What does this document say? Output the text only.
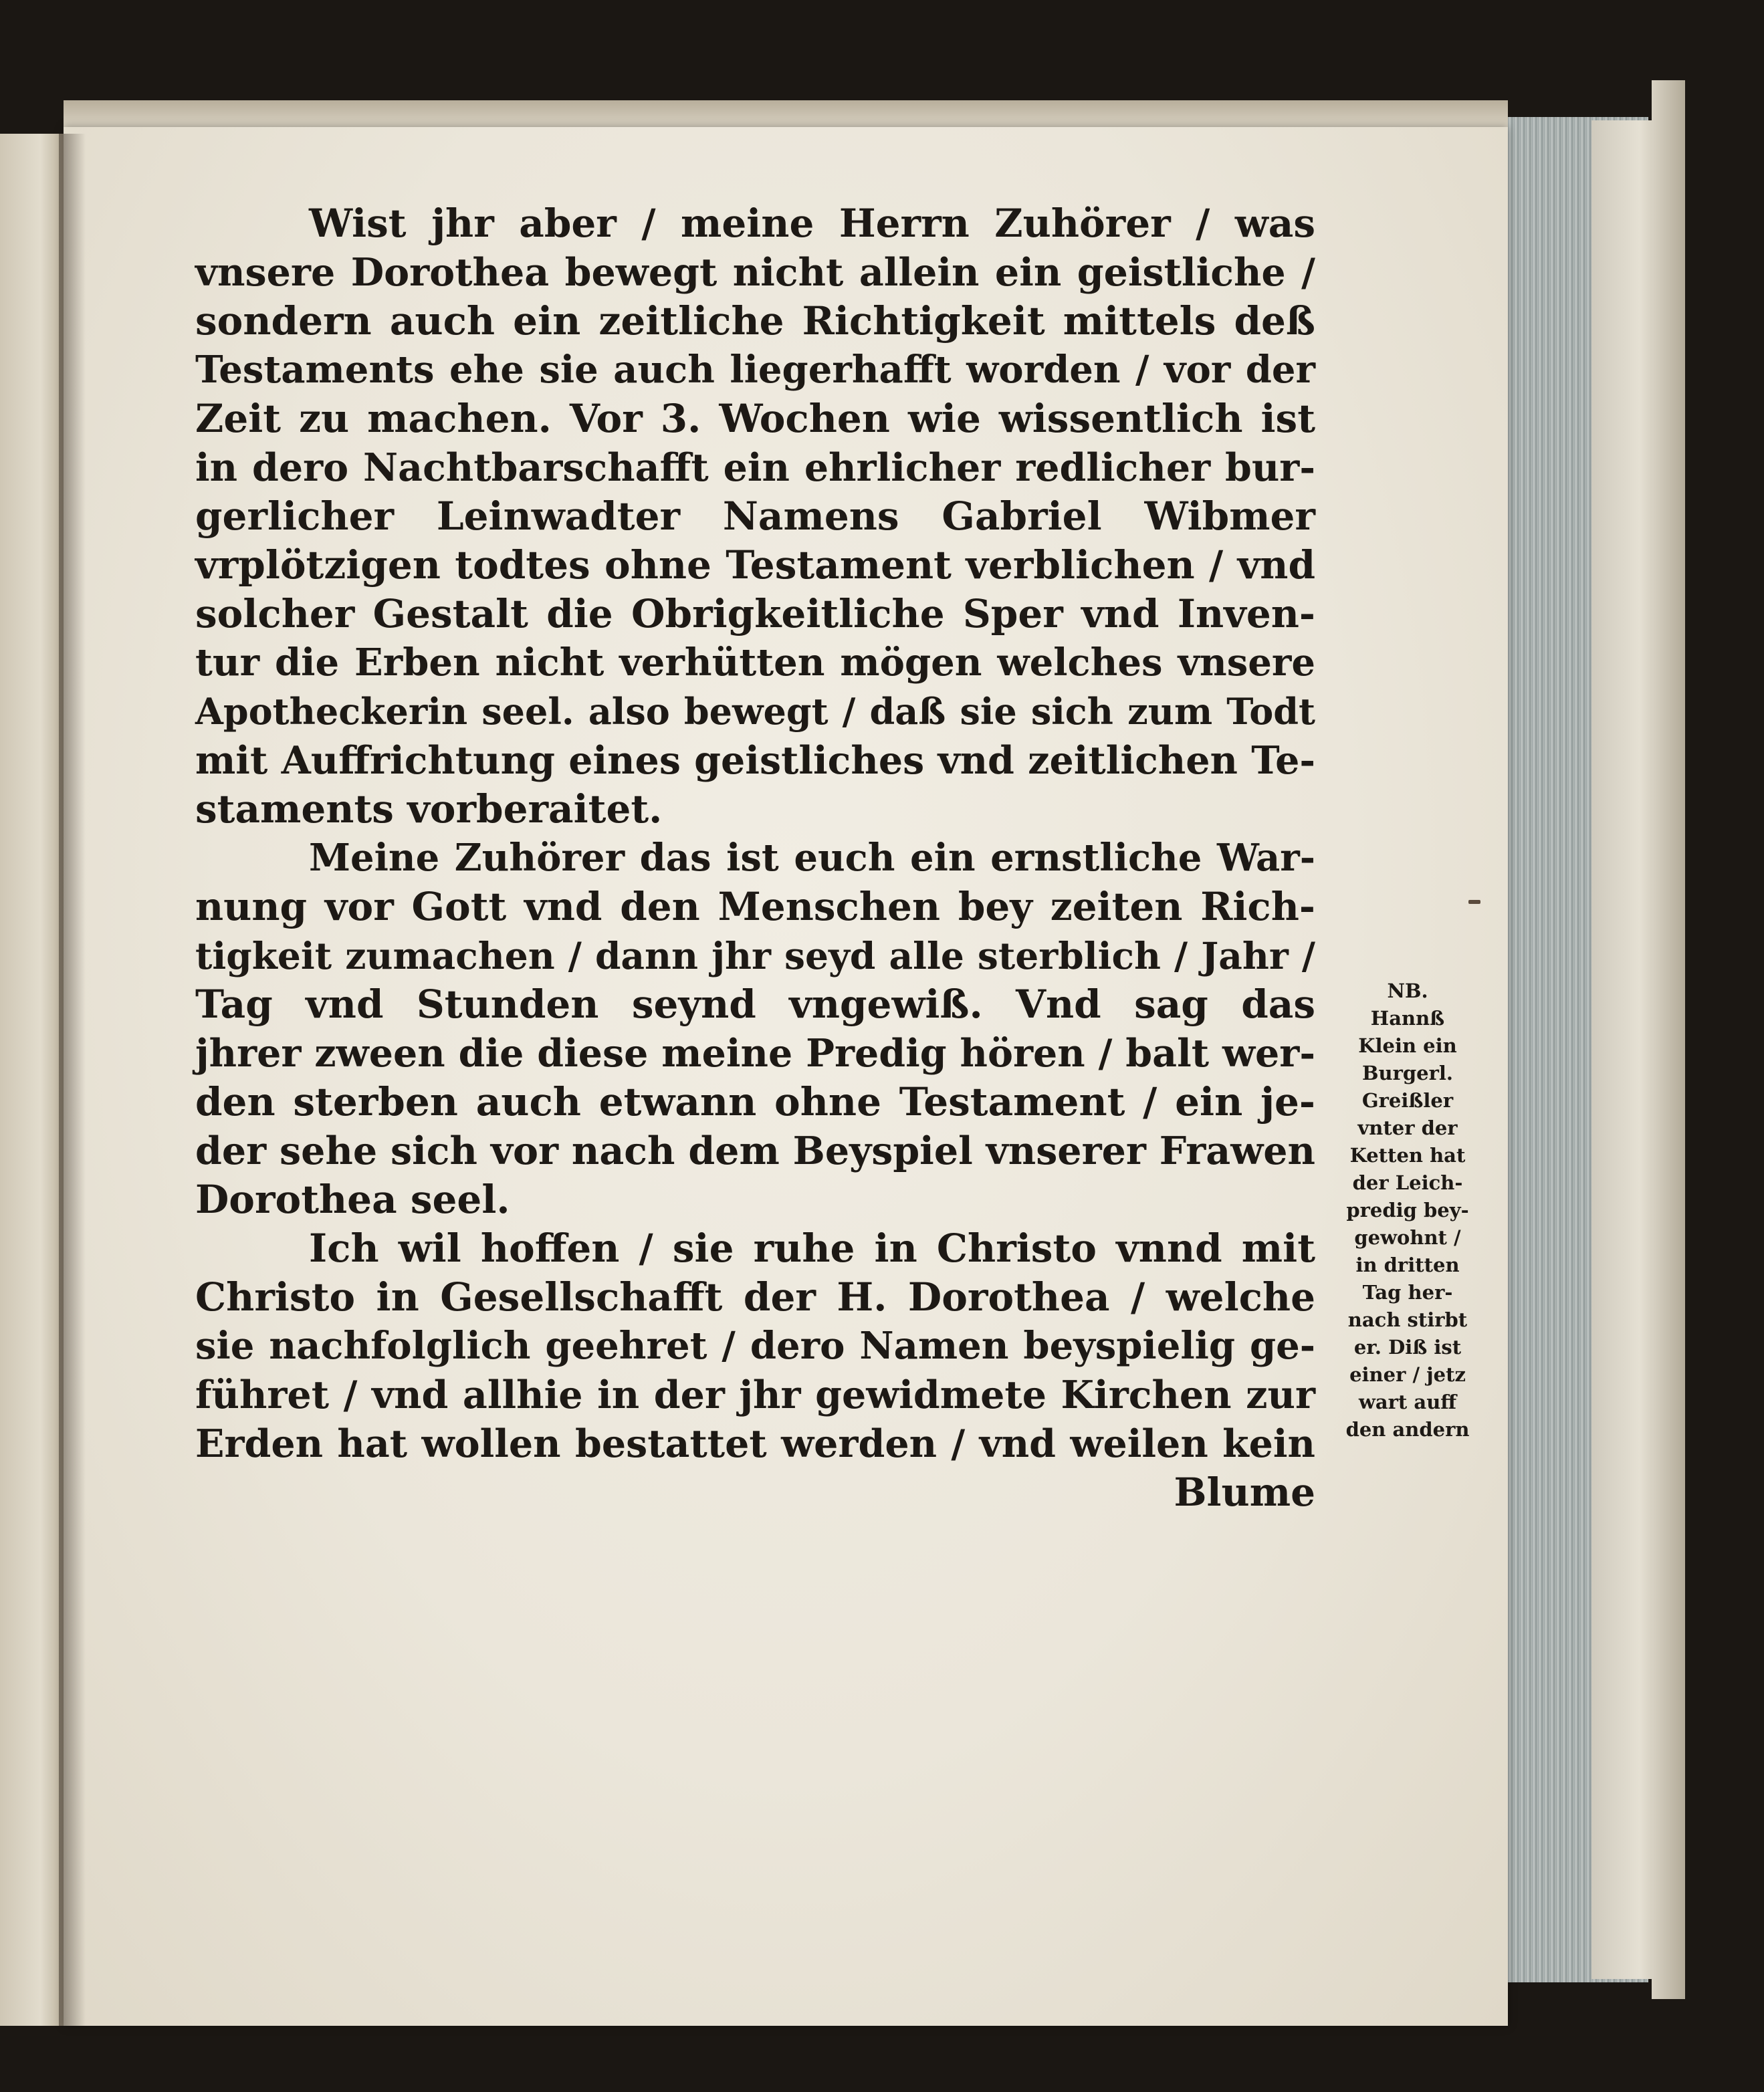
Wist jhr aber / meine Herrn Zuhörer / was
vnsere Dorothea bewegt nicht allein ein geistliche /
sondern auch ein zeitliche Richtigkeit mittels deß
Testaments ehe sie auch liegerhafft worden / vor der
Zeit zu machen. Vor 3. Wochen wie wissentlich ist
in dero Nachtbarschafft ein ehrlicher redlicher bur-
gerlicher Leinwadter Namens Gabriel Wibmer
vrplötzigen todtes ohne Testament verblichen / vnd
solcher Gestalt die Obrigkeitliche Sper vnd Inven-
tur die Erben nicht verhütten mögen welches vnsere
Apotheckerin seel. also bewegt / daß sie sich zum Todt
mit Auffrichtung eines geistliches vnd zeitlichen Te-
staments vorberaitet.
Meine Zuhörer das ist euch ein ernstliche War-
nung vor Gott vnd den Menschen bey zeiten Rich-
tigkeit zumachen / dann jhr seyd alle sterblich / Jahr /
Tag vnd Stunden seynd vngewiß. Vnd sag das
jhrer zween die diese meine Predig hören / balt wer-
den sterben auch etwann ohne Testament / ein je-
der sehe sich vor nach dem Beyspiel vnserer Frawen
Dorothea seel.
Ich wil hoffen / sie ruhe in Christo vnnd mit
Christo in Gesellschafft der H. Dorothea / welche
sie nachfolglich geehret / dero Namen beyspielig ge-
führet / vnd allhie in der jhr gewidmete Kirchen zur
Erden hat wollen bestattet werden / vnd weilen kein
Blume
NB.
Hannß
Klein ein
Burgerl.
Greißler
vnter der
Ketten hat
der Leich-
predig bey-
gewohnt /
in dritten
Tag her-
nach stirbt
er. Diß ist
einer / jetz
wart auff
den andern
